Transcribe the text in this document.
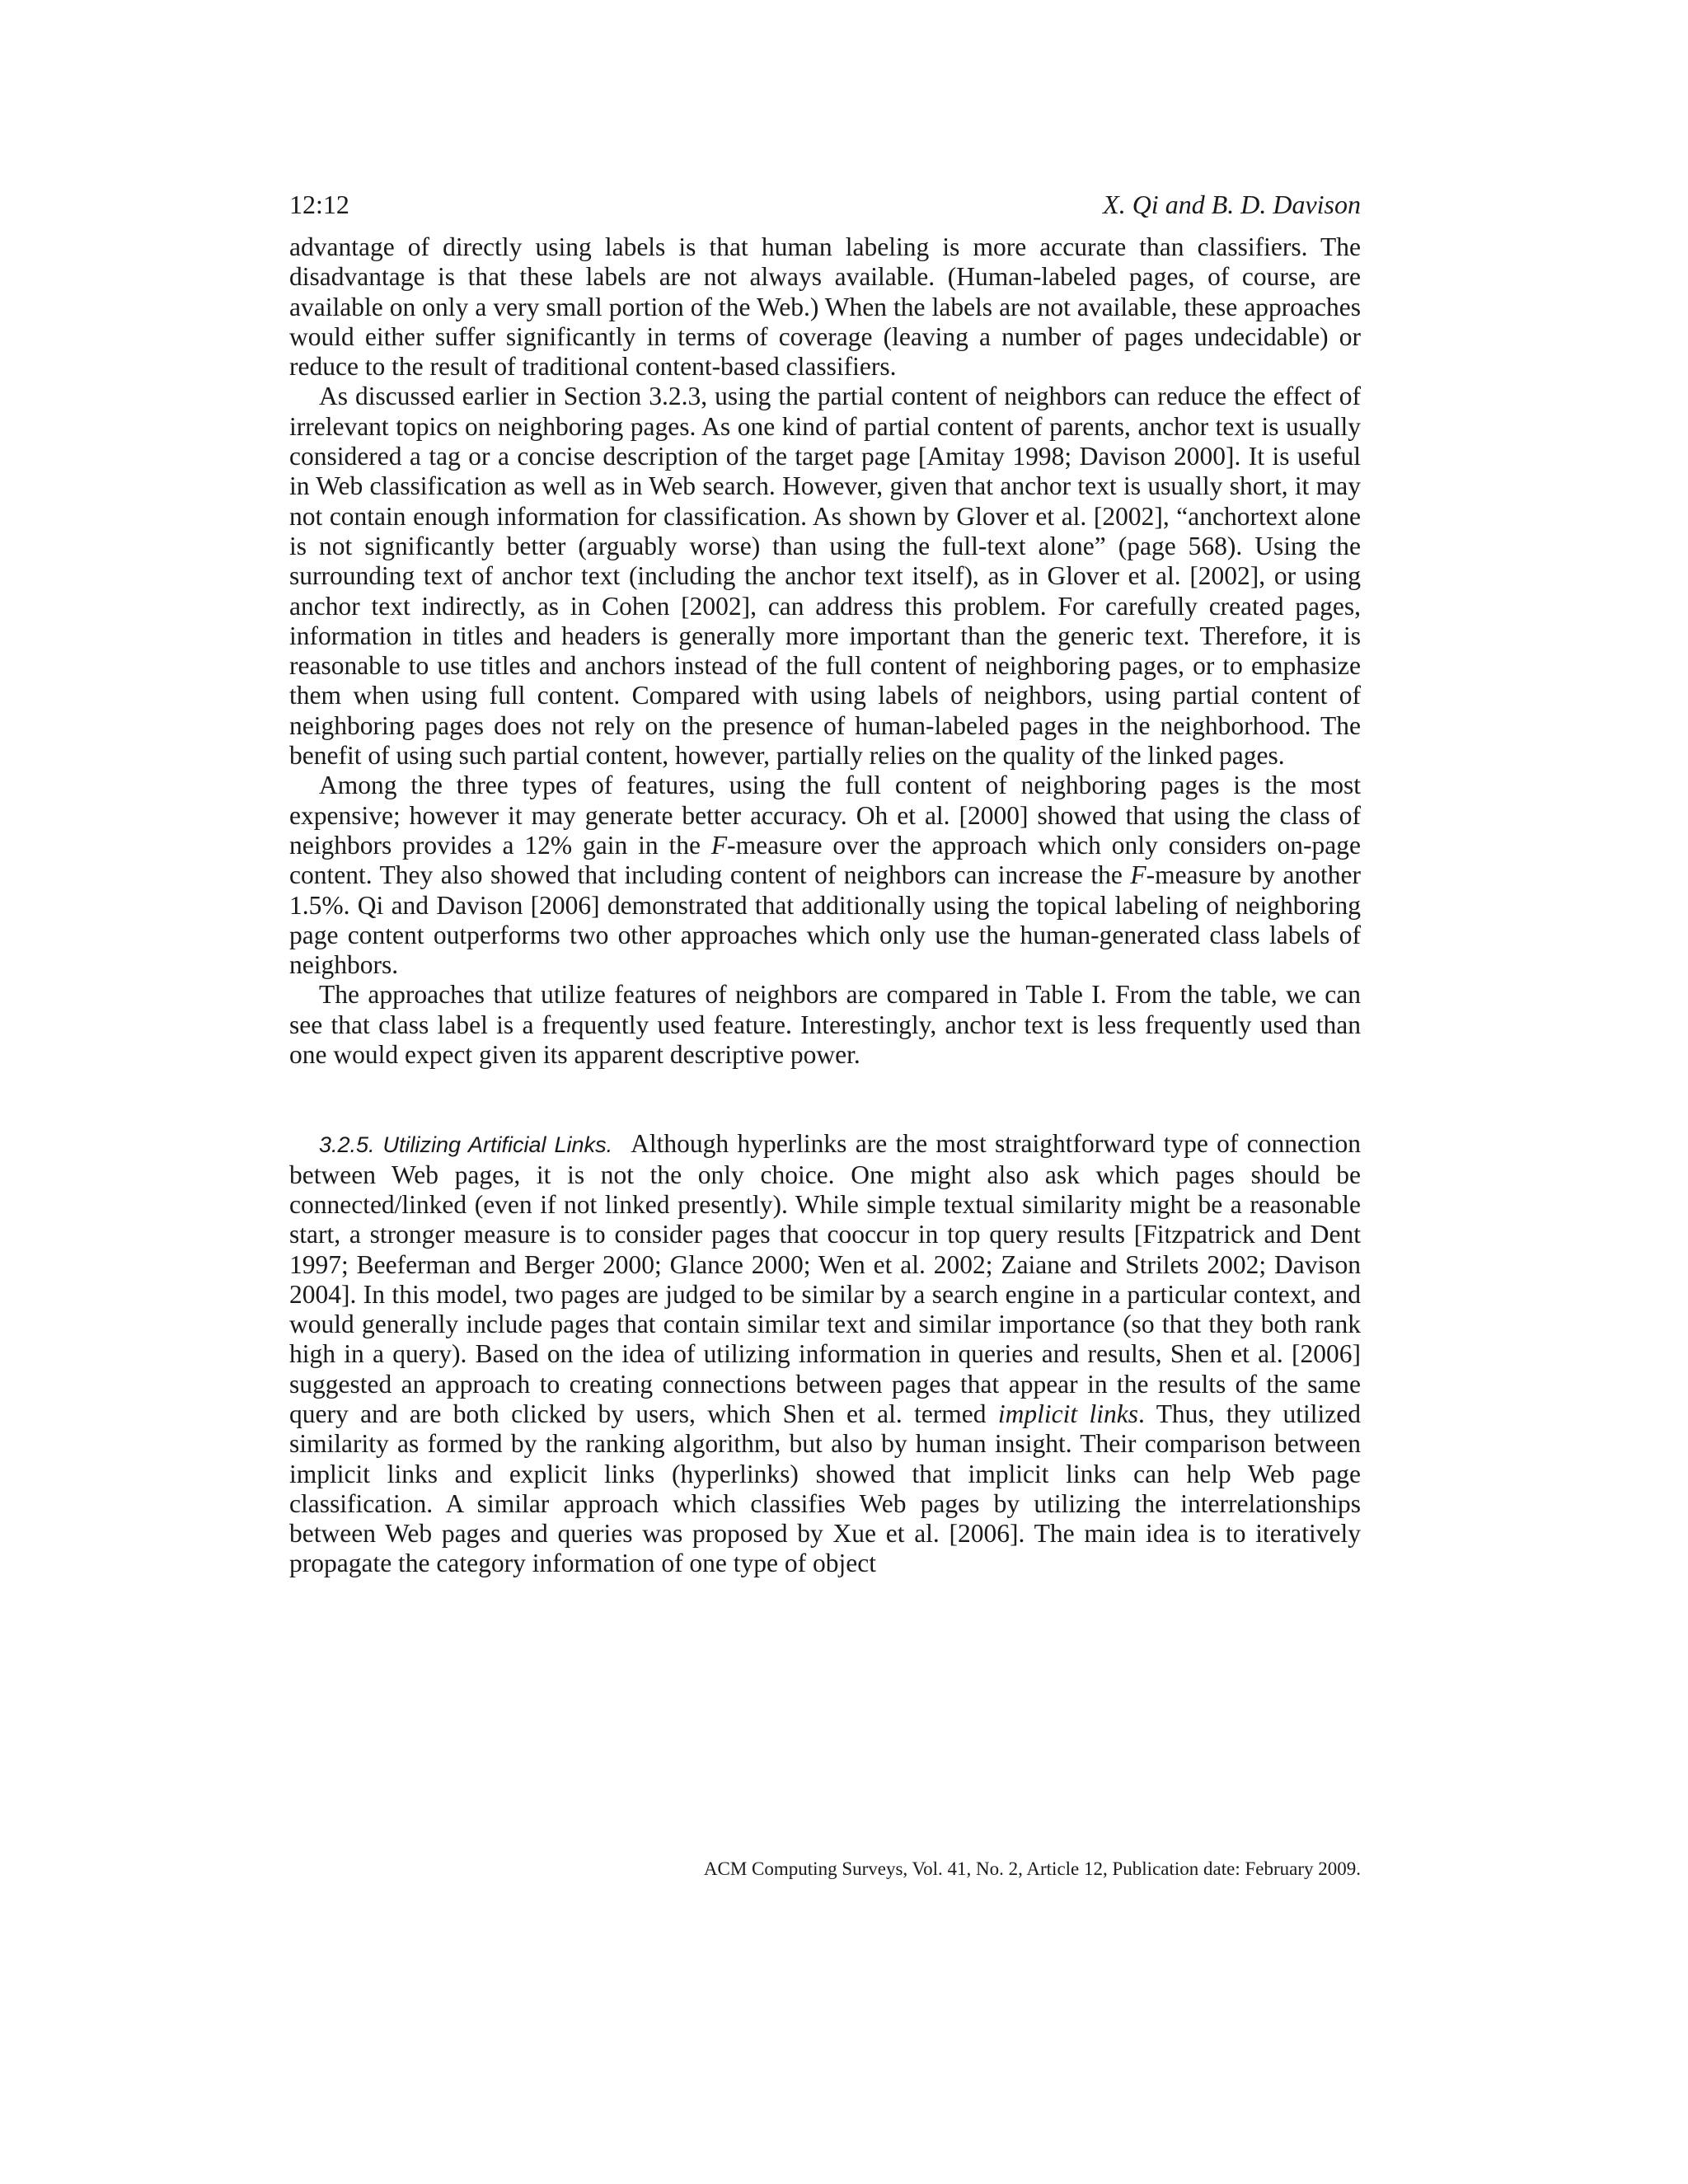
12:12	X. Qi and B. D. Davison

advantage of directly using labels is that human labeling is more accurate than classifiers. The disadvantage is that these labels are not always available. (Human-labeled pages, of course, are available on only a very small portion of the Web.) When the labels are not available, these approaches would either suffer significantly in terms of coverage (leaving a number of pages undecidable) or reduce to the result of traditional content-based classifiers.

As discussed earlier in Section 3.2.3, using the partial content of neighbors can reduce the effect of irrelevant topics on neighboring pages. As one kind of partial content of parents, anchor text is usually considered a tag or a concise description of the target page [Amitay 1998; Davison 2000]. It is useful in Web classification as well as in Web search. However, given that anchor text is usually short, it may not contain enough information for classification. As shown by Glover et al. [2002], “anchortext alone is not significantly better (arguably worse) than using the full-text alone” (page 568). Using the surrounding text of anchor text (including the anchor text itself), as in Glover et al. [2002], or using anchor text indirectly, as in Cohen [2002], can address this problem. For carefully created pages, information in titles and headers is generally more important than the generic text. Therefore, it is reasonable to use titles and anchors instead of the full content of neighboring pages, or to emphasize them when using full content. Compared with using labels of neighbors, using partial content of neighboring pages does not rely on the presence of human-labeled pages in the neighborhood. The benefit of using such partial content, however, partially relies on the quality of the linked pages.

Among the three types of features, using the full content of neighboring pages is the most expensive; however it may generate better accuracy. Oh et al. [2000] showed that using the class of neighbors provides a 12% gain in the F-measure over the approach which only considers on-page content. They also showed that including content of neighbors can increase the F-measure by another 1.5%. Qi and Davison [2006] demonstrated that additionally using the topical labeling of neighboring page content outperforms two other approaches which only use the human-generated class labels of neighbors.

The approaches that utilize features of neighbors are compared in Table I. From the table, we can see that class label is a frequently used feature. Interestingly, anchor text is less frequently used than one would expect given its apparent descriptive power.

3.2.5. Utilizing Artificial Links. Although hyperlinks are the most straightforward type of connection between Web pages, it is not the only choice. One might also ask which pages should be connected/linked (even if not linked presently). While simple textual similarity might be a reasonable start, a stronger measure is to consider pages that cooccur in top query results [Fitzpatrick and Dent 1997; Beeferman and Berger 2000; Glance 2000; Wen et al. 2002; Zaiane and Strilets 2002; Davison 2004]. In this model, two pages are judged to be similar by a search engine in a particular context, and would generally include pages that contain similar text and similar importance (so that they both rank high in a query). Based on the idea of utilizing information in queries and results, Shen et al. [2006] suggested an approach to creating connections between pages that appear in the results of the same query and are both clicked by users, which Shen et al. termed implicit links. Thus, they utilized similarity as formed by the ranking algorithm, but also by human insight. Their comparison between implicit links and explicit links (hyperlinks) showed that implicit links can help Web page classification. A similar approach which classifies Web pages by utilizing the interrelationships between Web pages and queries was proposed by Xue et al. [2006]. The main idea is to iteratively propagate the category information of one type of object

ACM Computing Surveys, Vol. 41, No. 2, Article 12, Publication date: February 2009.
